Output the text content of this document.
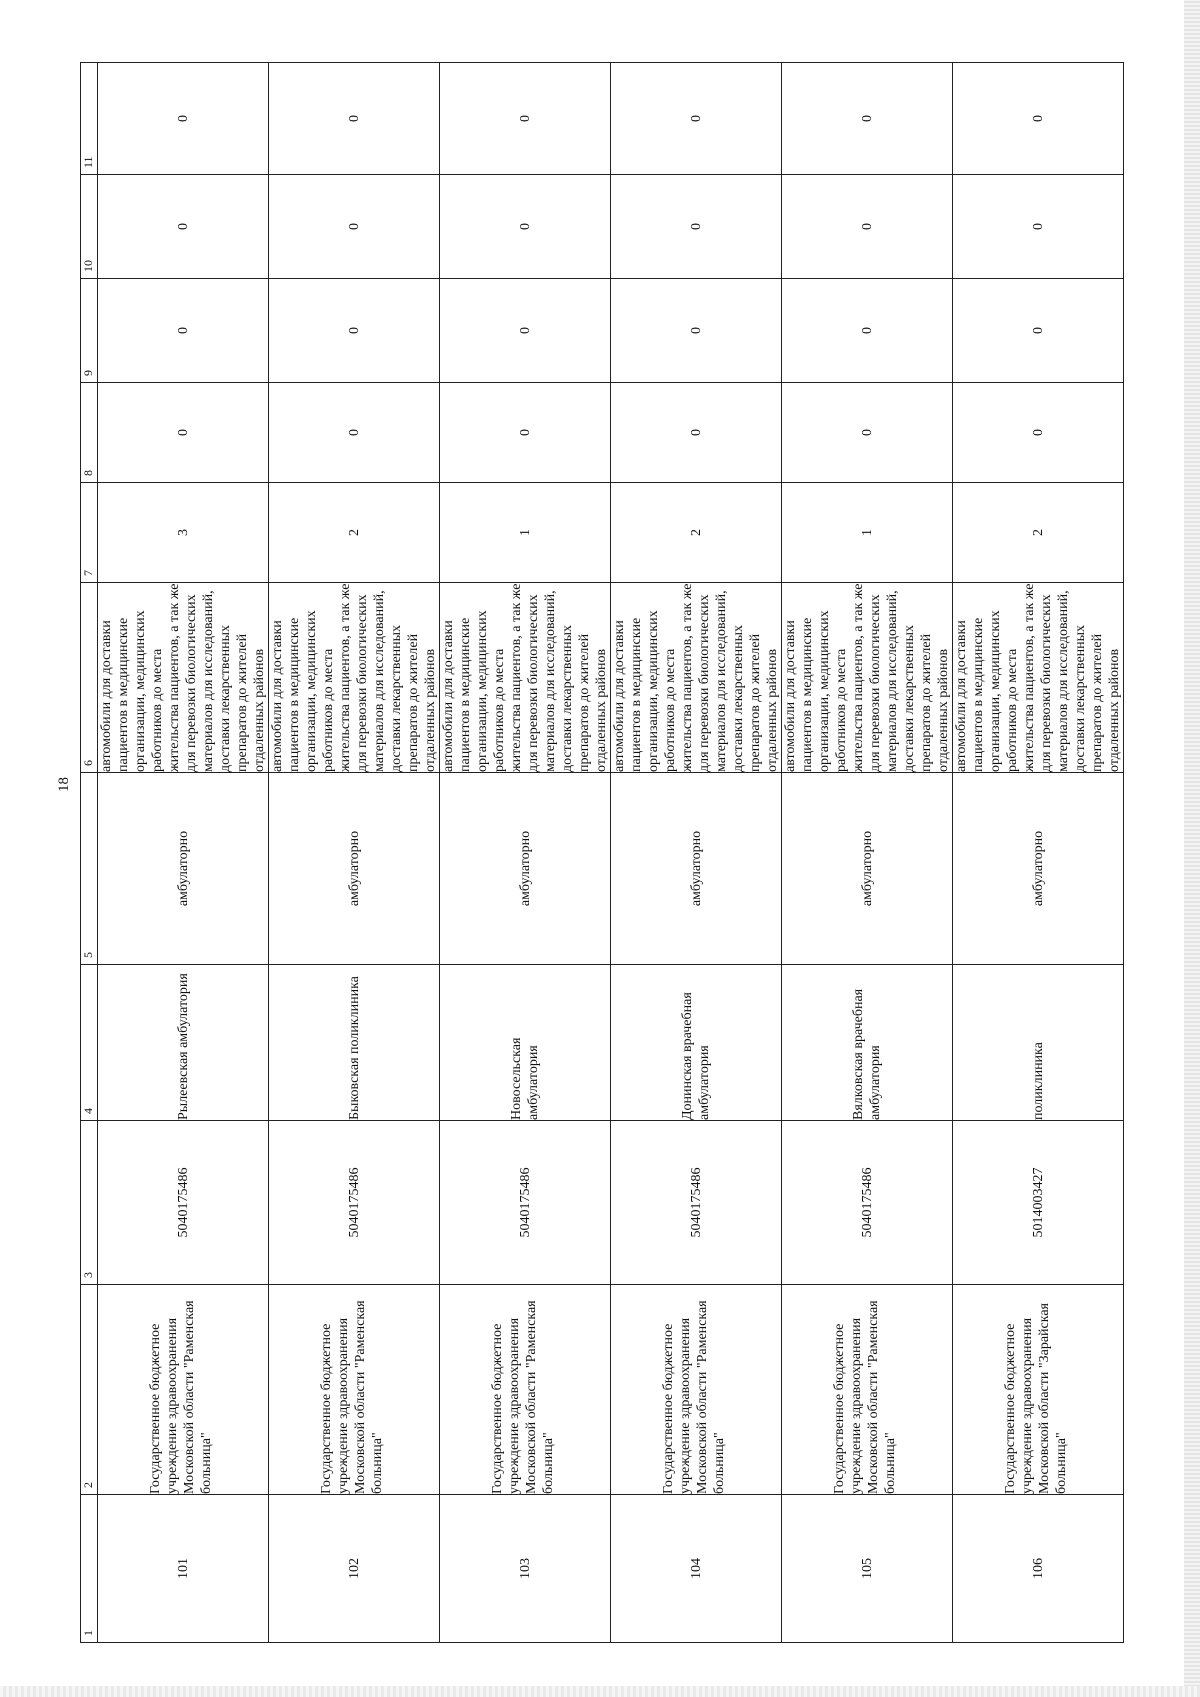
18
1	2	3	4	5	6	7	8	9	10	11
101	Государственное бюджетное учреждение здравоохранения Московской области "Раменская больница"	5040175486	Рылеевская амбулатория	амбулаторно	автомобили для доставки пациентов в медицинские организации, медицинских работников до места жительства пациентов, а так же для перевозки биологических материалов для исследований, доставки лекарственных препаратов до жителей отдаленных районов	3	0	0	0	0
102	Государственное бюджетное учреждение здравоохранения Московской области "Раменская больница"	5040175486	Быковская поликлиника	амбулаторно	автомобили для доставки пациентов в медицинские организации, медицинских работников до места жительства пациентов, а так же для перевозки биологических материалов для исследований, доставки лекарственных препаратов до жителей отдаленных районов	2	0	0	0	0
103	Государственное бюджетное учреждение здравоохранения Московской области "Раменская больница"	5040175486	Новосельская амбулатория	амбулаторно	автомобили для доставки пациентов в медицинские организации, медицинских работников до места жительства пациентов, а так же для перевозки биологических материалов для исследований, доставки лекарственных препаратов до жителей отдаленных районов	1	0	0	0	0
104	Государственное бюджетное учреждение здравоохранения Московской области "Раменская больница"	5040175486	Донинская врачебная амбулатория	амбулаторно	автомобили для доставки пациентов в медицинские организации, медицинских работников до места жительства пациентов, а так же для перевозки биологических материалов для исследований, доставки лекарственных препаратов до жителей отдаленных районов	2	0	0	0	0
105	Государственное бюджетное учреждение здравоохранения Московской области "Раменская больница"	5040175486	Вялковская врачебная амбулатория	амбулаторно	автомобили для доставки пациентов в медицинские организации, медицинских работников до места жительства пациентов, а так же для перевозки биологических материалов для исследований, доставки лекарственных препаратов до жителей отдаленных районов	1	0	0	0	0
106	Государственное бюджетное учреждение здравоохранения Московской области "Зарайская больница"	5014003427	поликлиника	амбулаторно	автомобили для доставки пациентов в медицинские организации, медицинских работников до места жительства пациентов, а так же для перевозки биологических материалов для исследований, доставки лекарственных препаратов до жителей отдаленных районов	2	0	0	0	0
